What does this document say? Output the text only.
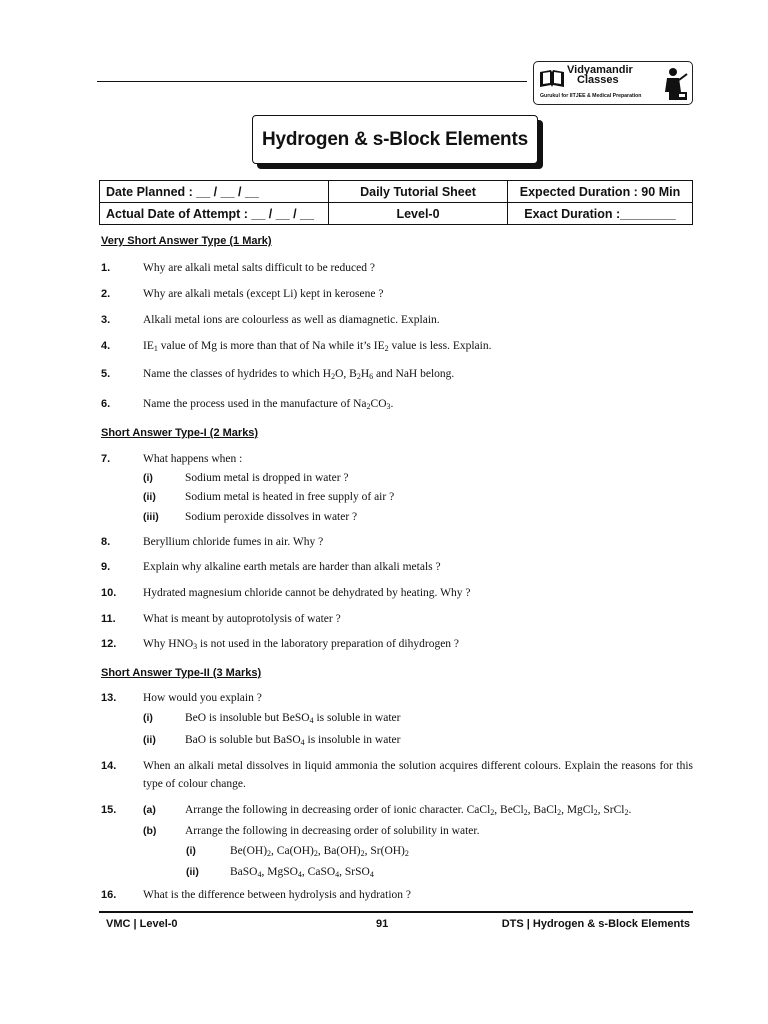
Vidyamandir
Classes
Gurukul for IITJEE & Medical Preparation
Hydrogen & s-Block Elements
Date Planned : __ / __ / __	Daily Tutorial Sheet	Expected Duration : 90 Min
Actual Date of Attempt : __ / __ / __	Level-0	Exact Duration :________
Very Short Answer Type (1 Mark)
1.	Why are alkali metal salts difficult to be reduced ?
2.	Why are alkali metals (except Li) kept in kerosene ?
3.	Alkali metal ions are colourless as well as diamagnetic. Explain.
4.	$IE_1$ value of Mg is more than that of Na while it’s $IE_2$ value is less. Explain.
5.	Name the classes of hydrides to which $H_2O$, $B_2H_6$ and NaH belong.
6.	Name the process used in the manufacture of $Na_2CO_3$.
Short Answer Type-I (2 Marks)
7.	What happens when :
(i)	Sodium metal is dropped in water ?
(ii)	Sodium metal is heated in free supply of air ?
(iii) Sodium peroxide dissolves in water ?
8.	Beryllium chloride fumes in air. Why ?
9.	Explain why alkaline earth metals are harder than alkali metals ?
10. Hydrated magnesium chloride cannot be dehydrated by heating. Why ?
11. What is meant by autoprotolysis of water ?
12. Why $HNO_3$ is not used in the laboratory preparation of dihydrogen ?
Short Answer Type-II (3 Marks)
13. How would you explain ?
(i)	BeO is insoluble but BeSO$_4$ is soluble in water
(ii)	BaO is soluble but BaSO$_4$ is insoluble in water
14. When an alkali metal dissolves in liquid ammonia the solution acquires different colours. Explain the reasons for this type of colour change.
15.	(a)	Arrange the following in decreasing order of ionic character. CaCl$_2$, BeCl$_2$, BaCl$_2$, MgCl$_2$, SrCl$_2$.
(b) Arrange the following in decreasing order of solubility in water.
(i)	$Be(OH)_2$, $Ca(OH)_2$, $Ba(OH)_2$, $Sr(OH)_2$
(ii)	BaSO$_4$, MgSO$_4$, CaSO$_4$, SrSO$_4$
16. What is the difference between hydrolysis and hydration ?
VMC | Level-0	91	DTS | Hydrogen & s-Block Elements
